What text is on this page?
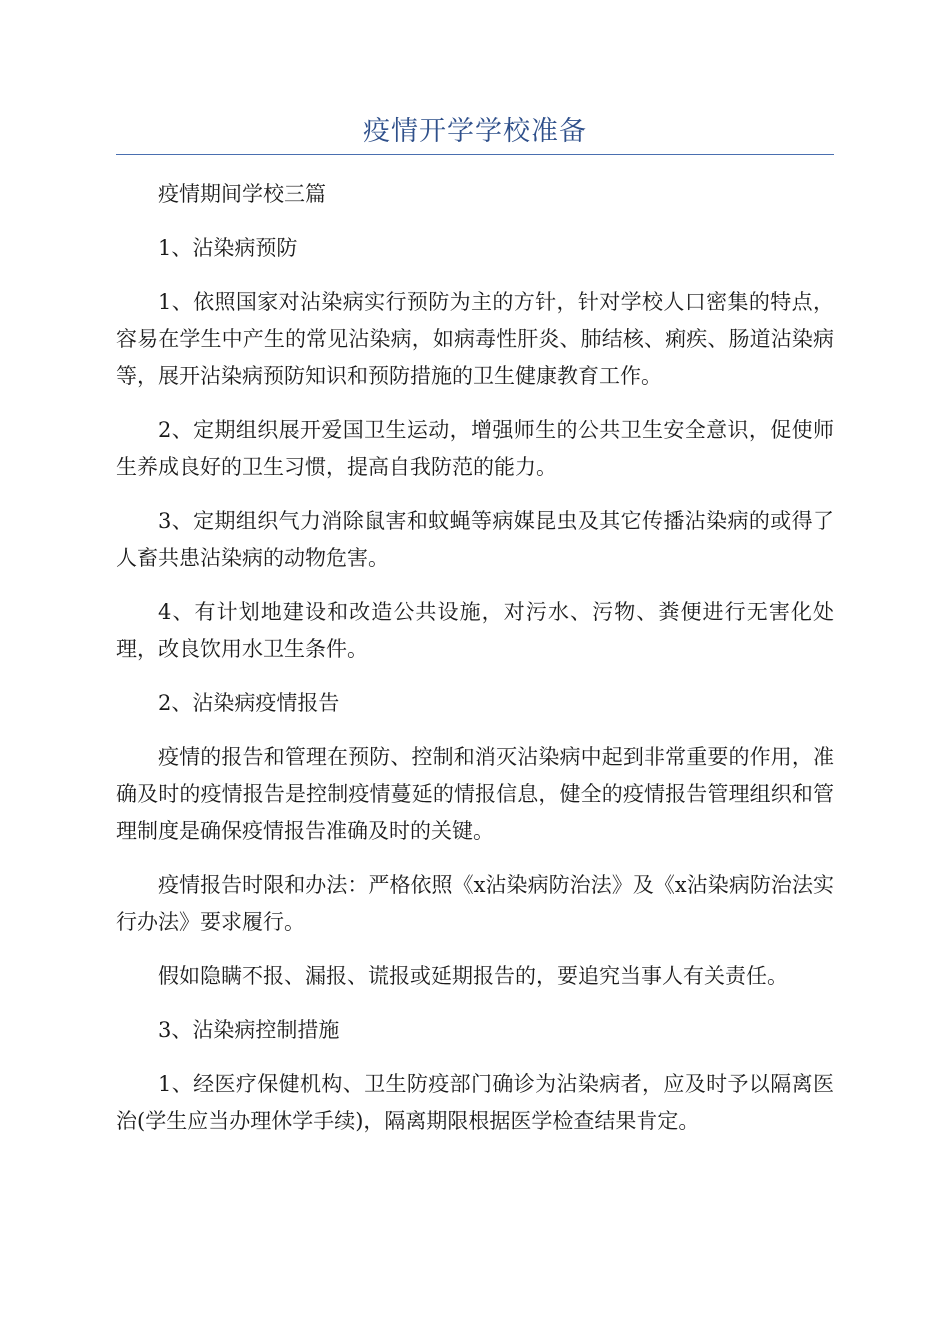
疫情开学学校准备

疫情期间学校三篇

1、沾染病预防

1、依照国家对沾染病实行预防为主的方针，针对学校人口密集的特点，容易在学生中产生的常见沾染病，如病毒性肝炎、肺结核、痢疾、肠道沾染病等，展开沾染病预防知识和预防措施的卫生健康教育工作。

2、定期组织展开爱国卫生运动，增强师生的公共卫生安全意识，促使师生养成良好的卫生习惯，提高自我防范的能力。

3、定期组织气力消除鼠害和蚊蝇等病媒昆虫及其它传播沾染病的或得了人畜共患沾染病的动物危害。

4、有计划地建设和改造公共设施，对污水、污物、粪便进行无害化处理，改良饮用水卫生条件。

2、沾染病疫情报告

疫情的报告和管理在预防、控制和消灭沾染病中起到非常重要的作用，准确及时的疫情报告是控制疫情蔓延的情报信息，健全的疫情报告管理组织和管理制度是确保疫情报告准确及时的关键。

疫情报告时限和办法：严格依照《x沾染病防治法》及《x沾染病防治法实行办法》要求履行。

假如隐瞒不报、漏报、谎报或延期报告的，要追究当事人有关责任。

3、沾染病控制措施

1、经医疗保健机构、卫生防疫部门确诊为沾染病者，应及时予以隔离医治(学生应当办理休学手续)，隔离期限根据医学检查结果肯定。
